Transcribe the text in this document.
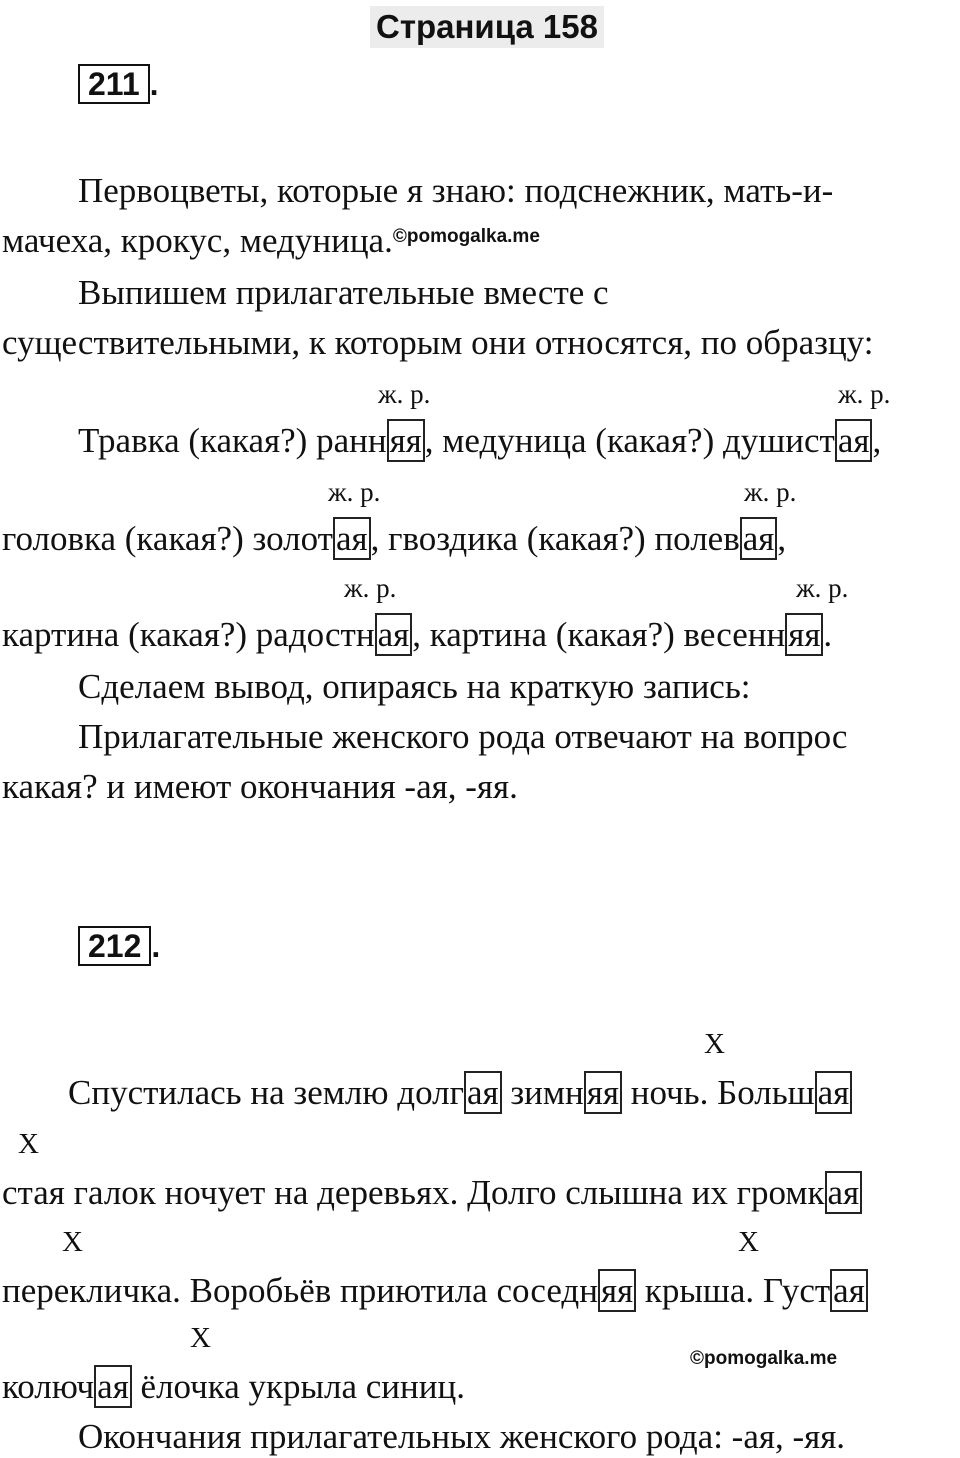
Страница 158
211 .
Первоцветы, которые я знаю: подснежник, мать-и-
мачеха, крокус, медуница.$^{©pomogalka.me}$
Выпишем прилагательные вместе с
существительными, к которым они относятся, по образцу:
ж. р.	ж. р.
Травка (какая?) ранняя, медуница (какая?) душистая,
ж. р.	ж. р.
головка (какая?) золотая, гвоздика (какая?) полевая,
ж. р.	ж. р.
картина (какая?) радостная, картина (какая?) весенняя.
Сделаем вывод, опираясь на краткую запись:
Прилагательные женского рода отвечают на вопрос
какая? и имеют окончания -ая, -яя.
212 .
X
Спустилась на землю долгая зимняя ночь. Большая
X
стая галок ночует на деревьях. Долго слышна их громкая
X	X
перекличка. Воробьёв приютила соседняя крыша. Густая
X
©pomogalka.me
колючая ёлочка укрыла синиц.
Окончания прилагательных женского рода: -ая, -яя.
